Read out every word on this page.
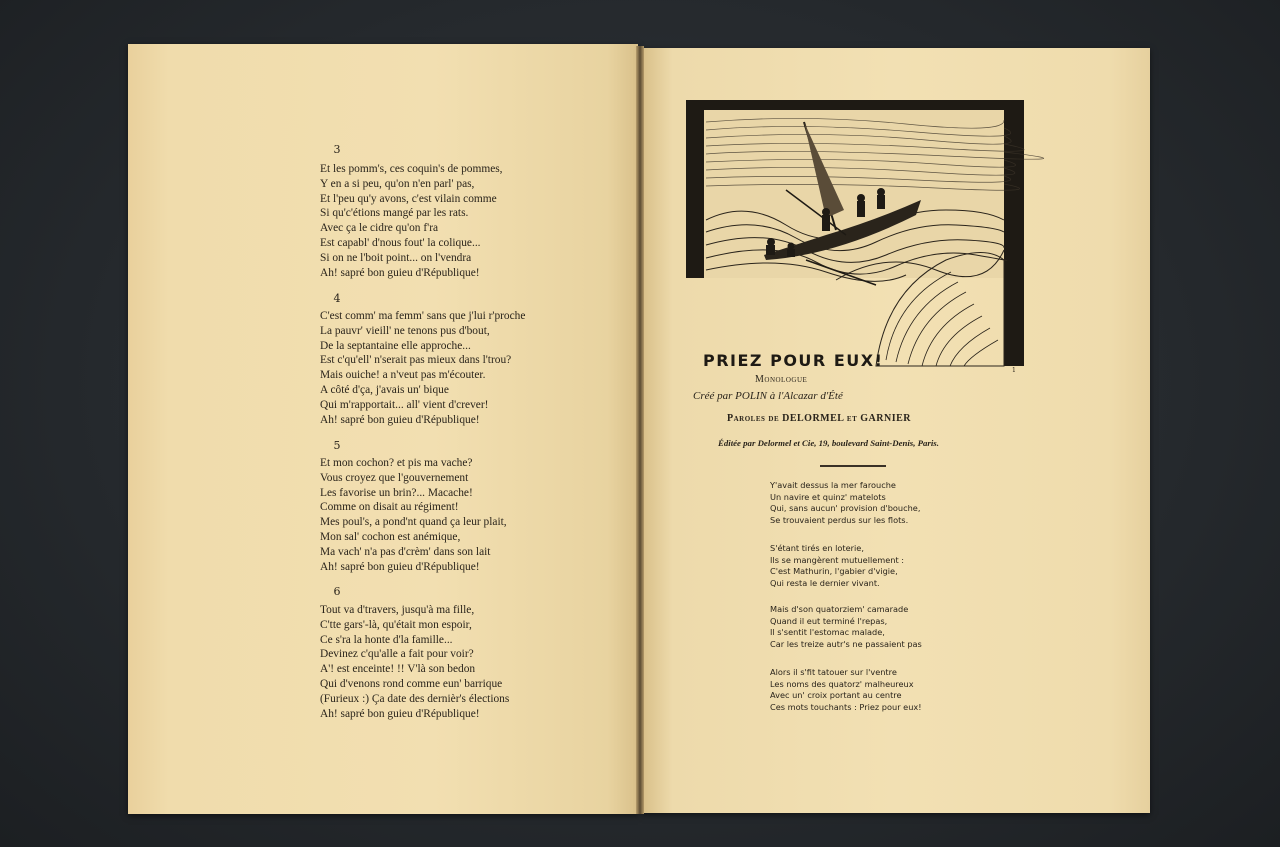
3
Et les pomm's, ces coquin's de pommes,
Y en a si peu, qu'on n'en parl' pas,
Et l'peu qu'y avons, c'est vilain comme
Si qu'c'étions mangé par les rats.
Avec ça le cidre qu'on f'ra
Est capabl' d'nous fout' la colique...
Si on ne l'boit point... on l'vendra
Ah! sapré bon guieu d'République!
4
C'est comm' ma femm' sans que j'lui r'proche
La pauvr' vieill' ne tenons pus d'bout,
De la septantaine elle approche...
Est c'qu'ell' n'serait pas mieux dans l'trou?
Mais ouiche! a n'veut pas m'écouter.
A côté d'ça, j'avais un' bique
Qui m'rapportait... all' vient d'crever!
Ah! sapré bon guieu d'République!
5
Et mon cochon? et pis ma vache?
Vous croyez que l'gouvernement
Les favorise un brin?... Macache!
Comme on disait au régiment!
Mes poul's, a pond'nt quand ça leur plait,
Mon sal' cochon est anémique,
Ma vach' n'a pas d'crèm' dans son lait
Ah! sapré bon guieu d'République!
6
Tout va d'travers, jusqu'à ma fille,
C'tte gars'-là, qu'était mon espoir,
Ce s'ra la honte d'la famille...
Devinez c'qu'alle a fait pour voir?
A'! est enceinte! !! V'là son bedon
Qui d'venons rond comme eun' barrique
(Furieux :) Ça date des dernièr's élections
Ah! sapré bon guieu d'République!
1
PRIEZ POUR EUX!
Monologue
Créé par POLIN à l'Alcazar d'Été
Paroles de DELORMEL et GARNIER
Éditée par Delormel et Cie, 19, boulevard Saint-Denis, Paris.
Y'avait dessus la mer farouche
Un navire et quinz' matelots
Qui, sans aucun' provision d'bouche,
Se trouvaient perdus sur les flots.
S'étant tirés en loterie,
Ils se mangèrent mutuellement :
C'est Mathurin, l'gabier d'vigie,
Qui resta le dernier vivant.
Mais d'son quatorziem' camarade
Quand il eut terminé l'repas,
Il s'sentit l'estomac malade,
Car les treize autr's ne passaient pas
Alors il s'fit tatouer sur l'ventre
Les noms des quatorz' malheureux
Avec un' croix portant au centre
Ces mots touchants : Priez pour eux!
